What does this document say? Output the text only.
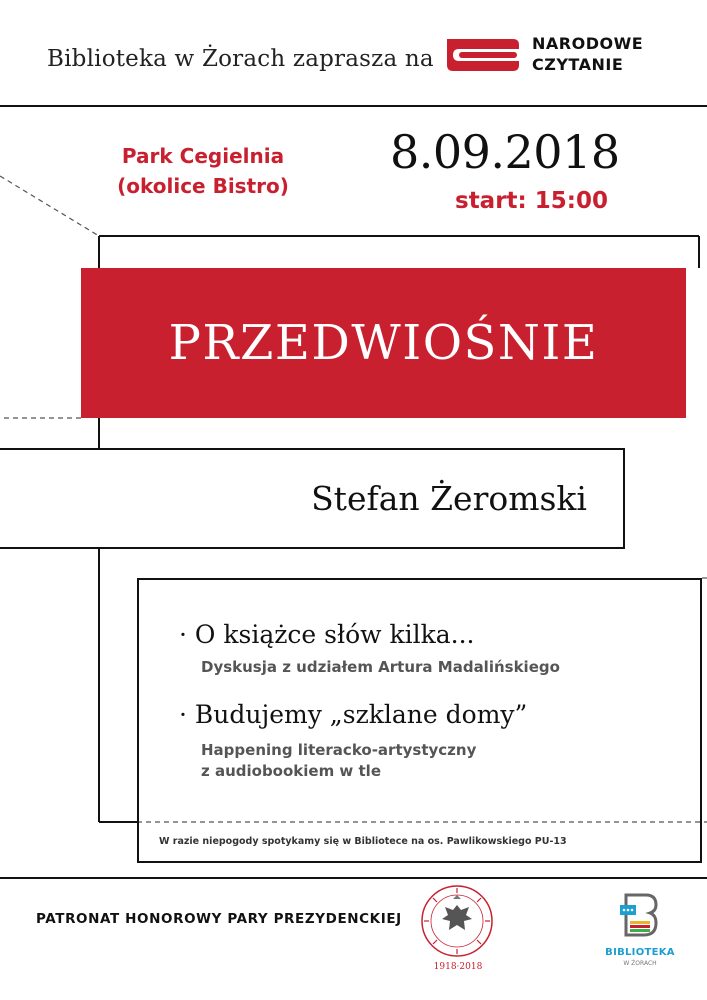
Biblioteka w Żorach zaprasza na
NARODOWE
CZYTANIE
Park Cegielnia
(okolice Bistro)
8.09.2018
start: 15:00
PRZEDWIOŚNIE
Stefan Żeromski
· O książce słów kilka...
Dyskusja z udziałem Artura Madalińskiego
· Budujemy „szklane domy”
Happening literacko-artystyczny
z audiobookiem w tle
W razie niepogody spotykamy się w Bibliotece na os. Pawlikowskiego PU-13
PATRONAT HONOROWY PARY PREZYDENCKIEJ
1918·2018
BIBLIOTEKA
W ŻORACH
